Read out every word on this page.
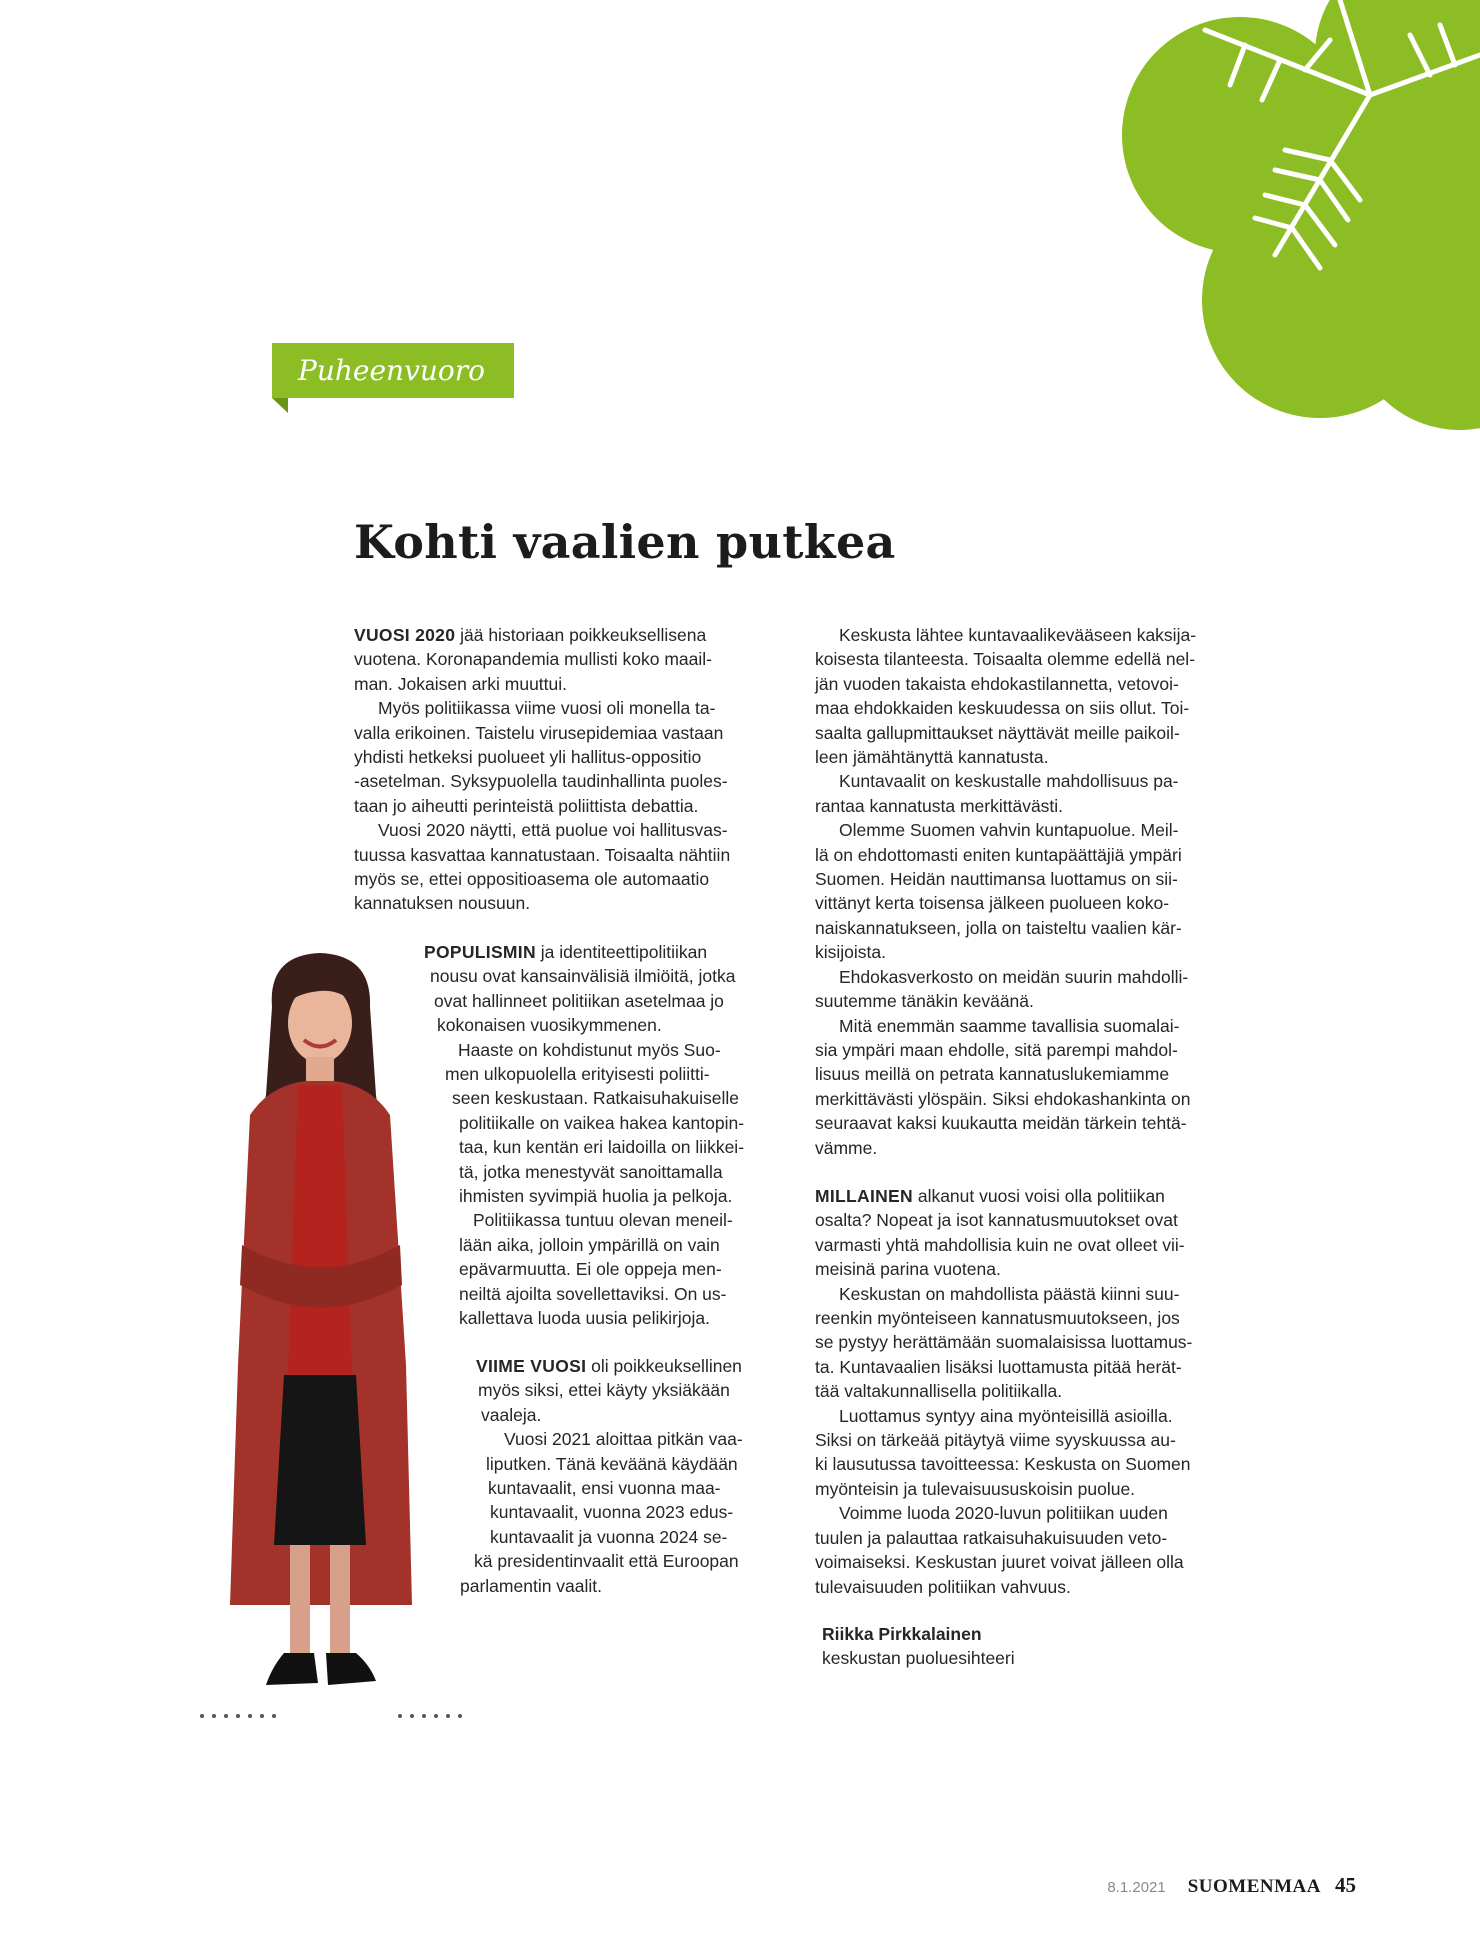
Puheenvuoro
Kohti vaalien putkea
VUOSI 2020 jää historiaan poikkeuksellisena
vuotena. Koronapandemia mullisti koko maail-
man. Jokaisen arki muuttui.
Myös politiikassa viime vuosi oli monella ta-
valla erikoinen. Taistelu virusepidemiaa vastaan
yhdisti hetkeksi puolueet yli hallitus-oppositio
-asetelman. Syksypuolella taudinhallinta puoles-
taan jo aiheutti perinteistä poliittista debattia.
Vuosi 2020 näytti, että puolue voi hallitusvas-
tuussa kasvattaa kannatustaan. Toisaalta nähtiin
myös se, ettei oppositioasema ole automaatio
kannatuksen nousuun.
POPULISMIN ja identiteettipolitiikan
nousu ovat kansainvälisiä ilmiöitä, jotka
ovat hallinneet politiikan asetelmaa jo
kokonaisen vuosikymmenen.
Haaste on kohdistunut myös Suo-
men ulkopuolella erityisesti poliitti-
seen keskustaan. Ratkaisuhakuiselle
politiikalle on vaikea hakea kantopin-
taa, kun kentän eri laidoilla on liikkei-
tä, jotka menestyvät sanoittamalla
ihmisten syvimpiä huolia ja pelkoja.
Politiikassa tuntuu olevan meneil-
lään aika, jolloin ympärillä on vain
epävarmuutta. Ei ole oppeja men-
neiltä ajoilta sovellettaviksi. On us-
kallettava luoda uusia pelikirjoja.
VIIME VUOSI oli poikkeuksellinen
myös siksi, ettei käyty yksiäkään
vaaleja.
Vuosi 2021 aloittaa pitkän vaa-
liputken. Tänä keväänä käydään
kuntavaalit, ensi vuonna maa-
kuntavaalit, vuonna 2023 edus-
kuntavaalit ja vuonna 2024 se-
kä presidentinvaalit että Euroopan
parlamentin vaalit.
Keskusta lähtee kuntavaalikevääseen kaksija-
koisesta tilanteesta. Toisaalta olemme edellä nel-
jän vuoden takaista ehdokastilannetta, vetovoi-
maa ehdokkaiden keskuudessa on siis ollut. Toi-
saalta gallupmittaukset näyttävät meille paikoil-
leen jämähtänyttä kannatusta.
Kuntavaalit on keskustalle mahdollisuus pa-
rantaa kannatusta merkittävästi.
Olemme Suomen vahvin kuntapuolue. Meil-
lä on ehdottomasti eniten kuntapäättäjiä ympäri
Suomen. Heidän nauttimansa luottamus on sii-
vittänyt kerta toisensa jälkeen puolueen koko-
naiskannatukseen, jolla on taisteltu vaalien kär-
kisijoista.
Ehdokasverkosto on meidän suurin mahdolli-
suutemme tänäkin keväänä.
Mitä enemmän saamme tavallisia suomalai-
sia ympäri maan ehdolle, sitä parempi mahdol-
lisuus meillä on petrata kannatuslukemiamme
merkittävästi ylöspäin. Siksi ehdokashankinta on
seuraavat kaksi kuukautta meidän tärkein tehtä-
vämme.
MILLAINEN alkanut vuosi voisi olla politiikan
osalta? Nopeat ja isot kannatusmuutokset ovat
varmasti yhtä mahdollisia kuin ne ovat olleet vii-
meisinä parina vuotena.
Keskustan on mahdollista päästä kiinni suu-
reenkin myönteiseen kannatusmuutokseen, jos
se pystyy herättämään suomalaisissa luottamus-
ta. Kuntavaalien lisäksi luottamusta pitää herät-
tää valtakunnallisella politiikalla.
Luottamus syntyy aina myönteisillä asioilla.
Siksi on tärkeää pitäytyä viime syyskuussa au-
ki lausutussa tavoitteessa: Keskusta on Suomen
myönteisin ja tulevaisuususkoisin puolue.
Voimme luoda 2020-luvun politiikan uuden
tuulen ja palauttaa ratkaisuhakuisuuden veto-
voimaiseksi. Keskustan juuret voivat jälleen olla
tulevaisuuden politiikan vahvuus.
Riikka Pirkkalainen
keskustan puoluesihteeri
8.1.2021 SUOMENMAA 45
